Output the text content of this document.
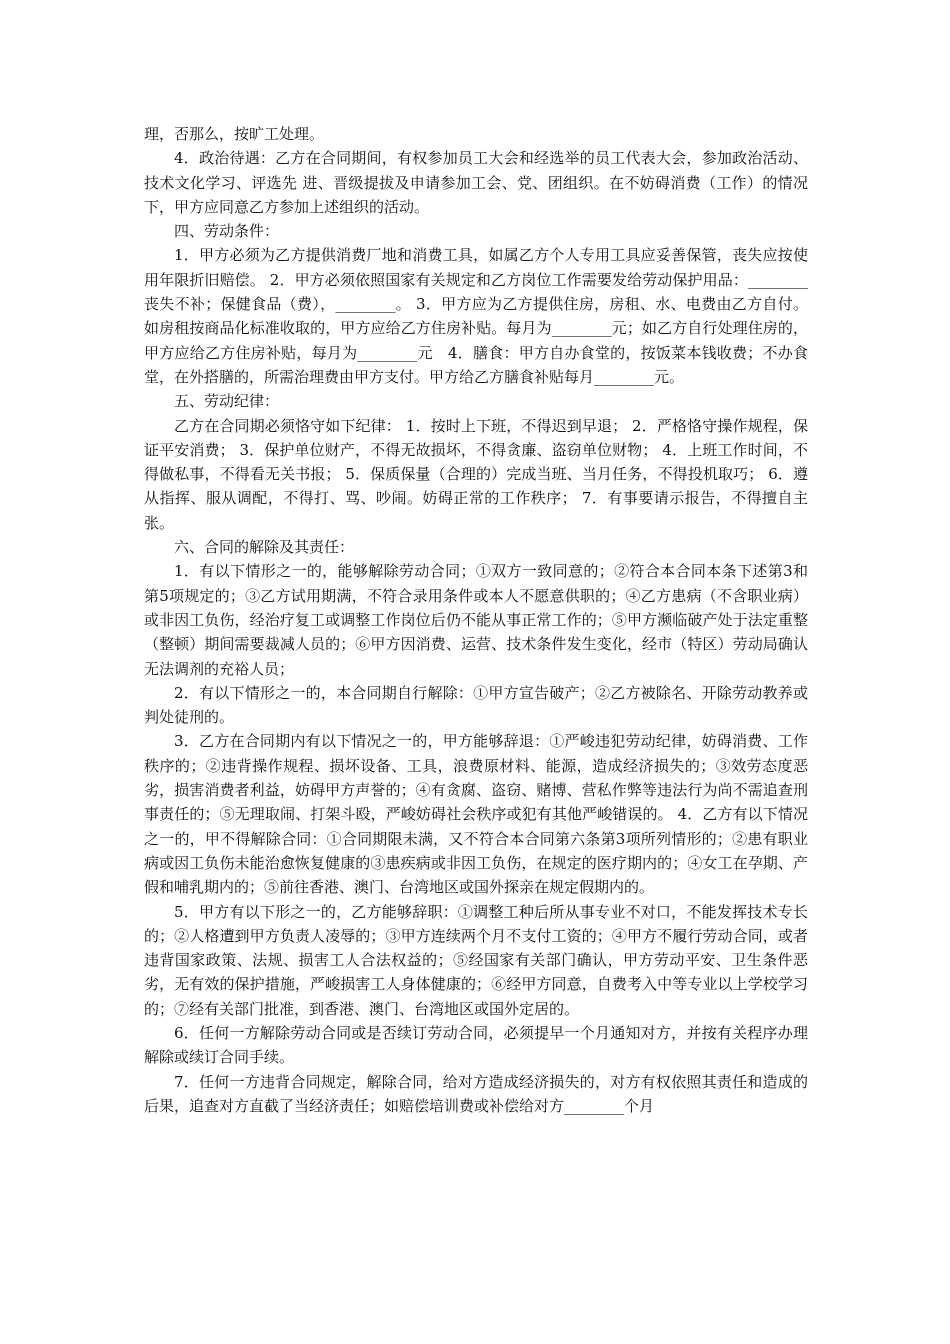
理，否那么，按旷工处理。

4．政治待遇：乙方在合同期间，有权参加员工大会和经选举的员工代表大会，参加政治活动、技术文化学习、评选先 进、晋级提拔及申请参加工会、党、团组织。在不妨碍消费（工作）的情况下，甲方应同意乙方参加上述组织的活动。

四、劳动条件：

1．甲方必须为乙方提供消费厂地和消费工具，如属乙方个人专用工具应妥善保管，丧失应按使用年限折旧赔偿。 2．甲方必须依照国家有关规定和乙方岗位工作需要发给劳动保护用品：________丧失不补；保健食品（费），________。 3．甲方应为乙方提供住房，房租、水、电费由乙方自付。如房租按商品化标准收取的，甲方应给乙方住房补贴。每月为________元；如乙方自行处理住房的，甲方应给乙方住房补贴，每月为________元　4．膳食：甲方自办食堂的，按饭菜本钱收费；不办食堂，在外搭膳的，所需治理费由甲方支付。甲方给乙方膳食补贴每月________元。

五、劳动纪律：

乙方在合同期必须恪守如下纪律： 1．按时上下班，不得迟到早退； 2．严格恪守操作规程，保证平安消费； 3．保护单位财产，不得无故损坏，不得贪廉、盗窃单位财物； 4．上班工作时间，不得做私事，不得看无关书报； 5．保质保量（合理的）完成当班、当月任务，不得投机取巧； 6．遵从指挥、服从调配，不得打、骂、吵闹。妨碍正常的工作秩序； 7．有事要请示报告，不得擅自主张。

六、合同的解除及其责任：

1．有以下情形之一的，能够解除劳动合同；①双方一致同意的；②符合本合同本条下述第3和第5项规定的；③乙方试用期满，不符合录用条件或本人不愿意供职的；④乙方患病（不含职业病）或非因工负伤，经治疗复工或调整工作岗位后仍不能从事正常工作的；⑤甲方濒临破产处于法定重整（整顿）期间需要裁减人员的；⑥甲方因消费、运营、技术条件发生变化，经市（特区）劳动局确认无法调剂的充裕人员；

2．有以下情形之一的，本合同期自行解除：①甲方宣告破产；②乙方被除名、开除劳动教养或判处徒刑的。

3．乙方在合同期内有以下情况之一的，甲方能够辞退：①严峻违犯劳动纪律，妨碍消费、工作秩序的；②违背操作规程、损坏设备、工具，浪费原材料、能源，造成经济损失的；③效劳态度恶劣，损害消费者利益，妨碍甲方声誉的；④有贪腐、盗窃、赌博、营私作弊等违法行为尚不需追查刑事责任的；⑤无理取闹、打架斗殴，严峻妨碍社会秩序或犯有其他严峻错误的。 4．乙方有以下情况之一的，甲不得解除合同：①合同期限未满，又不符合本合同第六条第3项所列情形的；②患有职业病或因工负伤未能治愈恢复健康的③患疾病或非因工负伤，在规定的医疗期内的；④女工在孕期、产假和哺乳期内的；⑤前往香港、澳门、台湾地区或国外探亲在规定假期内的。

5．甲方有以下形之一的，乙方能够辞职：①调整工种后所从事专业不对口，不能发挥技术专长的；②人格遭到甲方负责人凌辱的；③甲方连续两个月不支付工资的；④甲方不履行劳动合同，或者违背国家政策、法规、损害工人合法权益的；⑤经国家有关部门确认，甲方劳动平安、卫生条件恶劣，无有效的保护措施，严峻损害工人身体健康的；⑥经甲方同意，自费考入中等专业以上学校学习的；⑦经有关部门批准，到香港、澳门、台湾地区或国外定居的。

6．任何一方解除劳动合同或是否续订劳动合同，必须提早一个月通知对方，并按有关程序办理解除或续订合同手续。

7．任何一方违背合同规定，解除合同，给对方造成经济损失的，对方有权依照其责任和造成的后果，追查对方直截了当经济责任；如赔偿培训费或补偿给对方________个月
